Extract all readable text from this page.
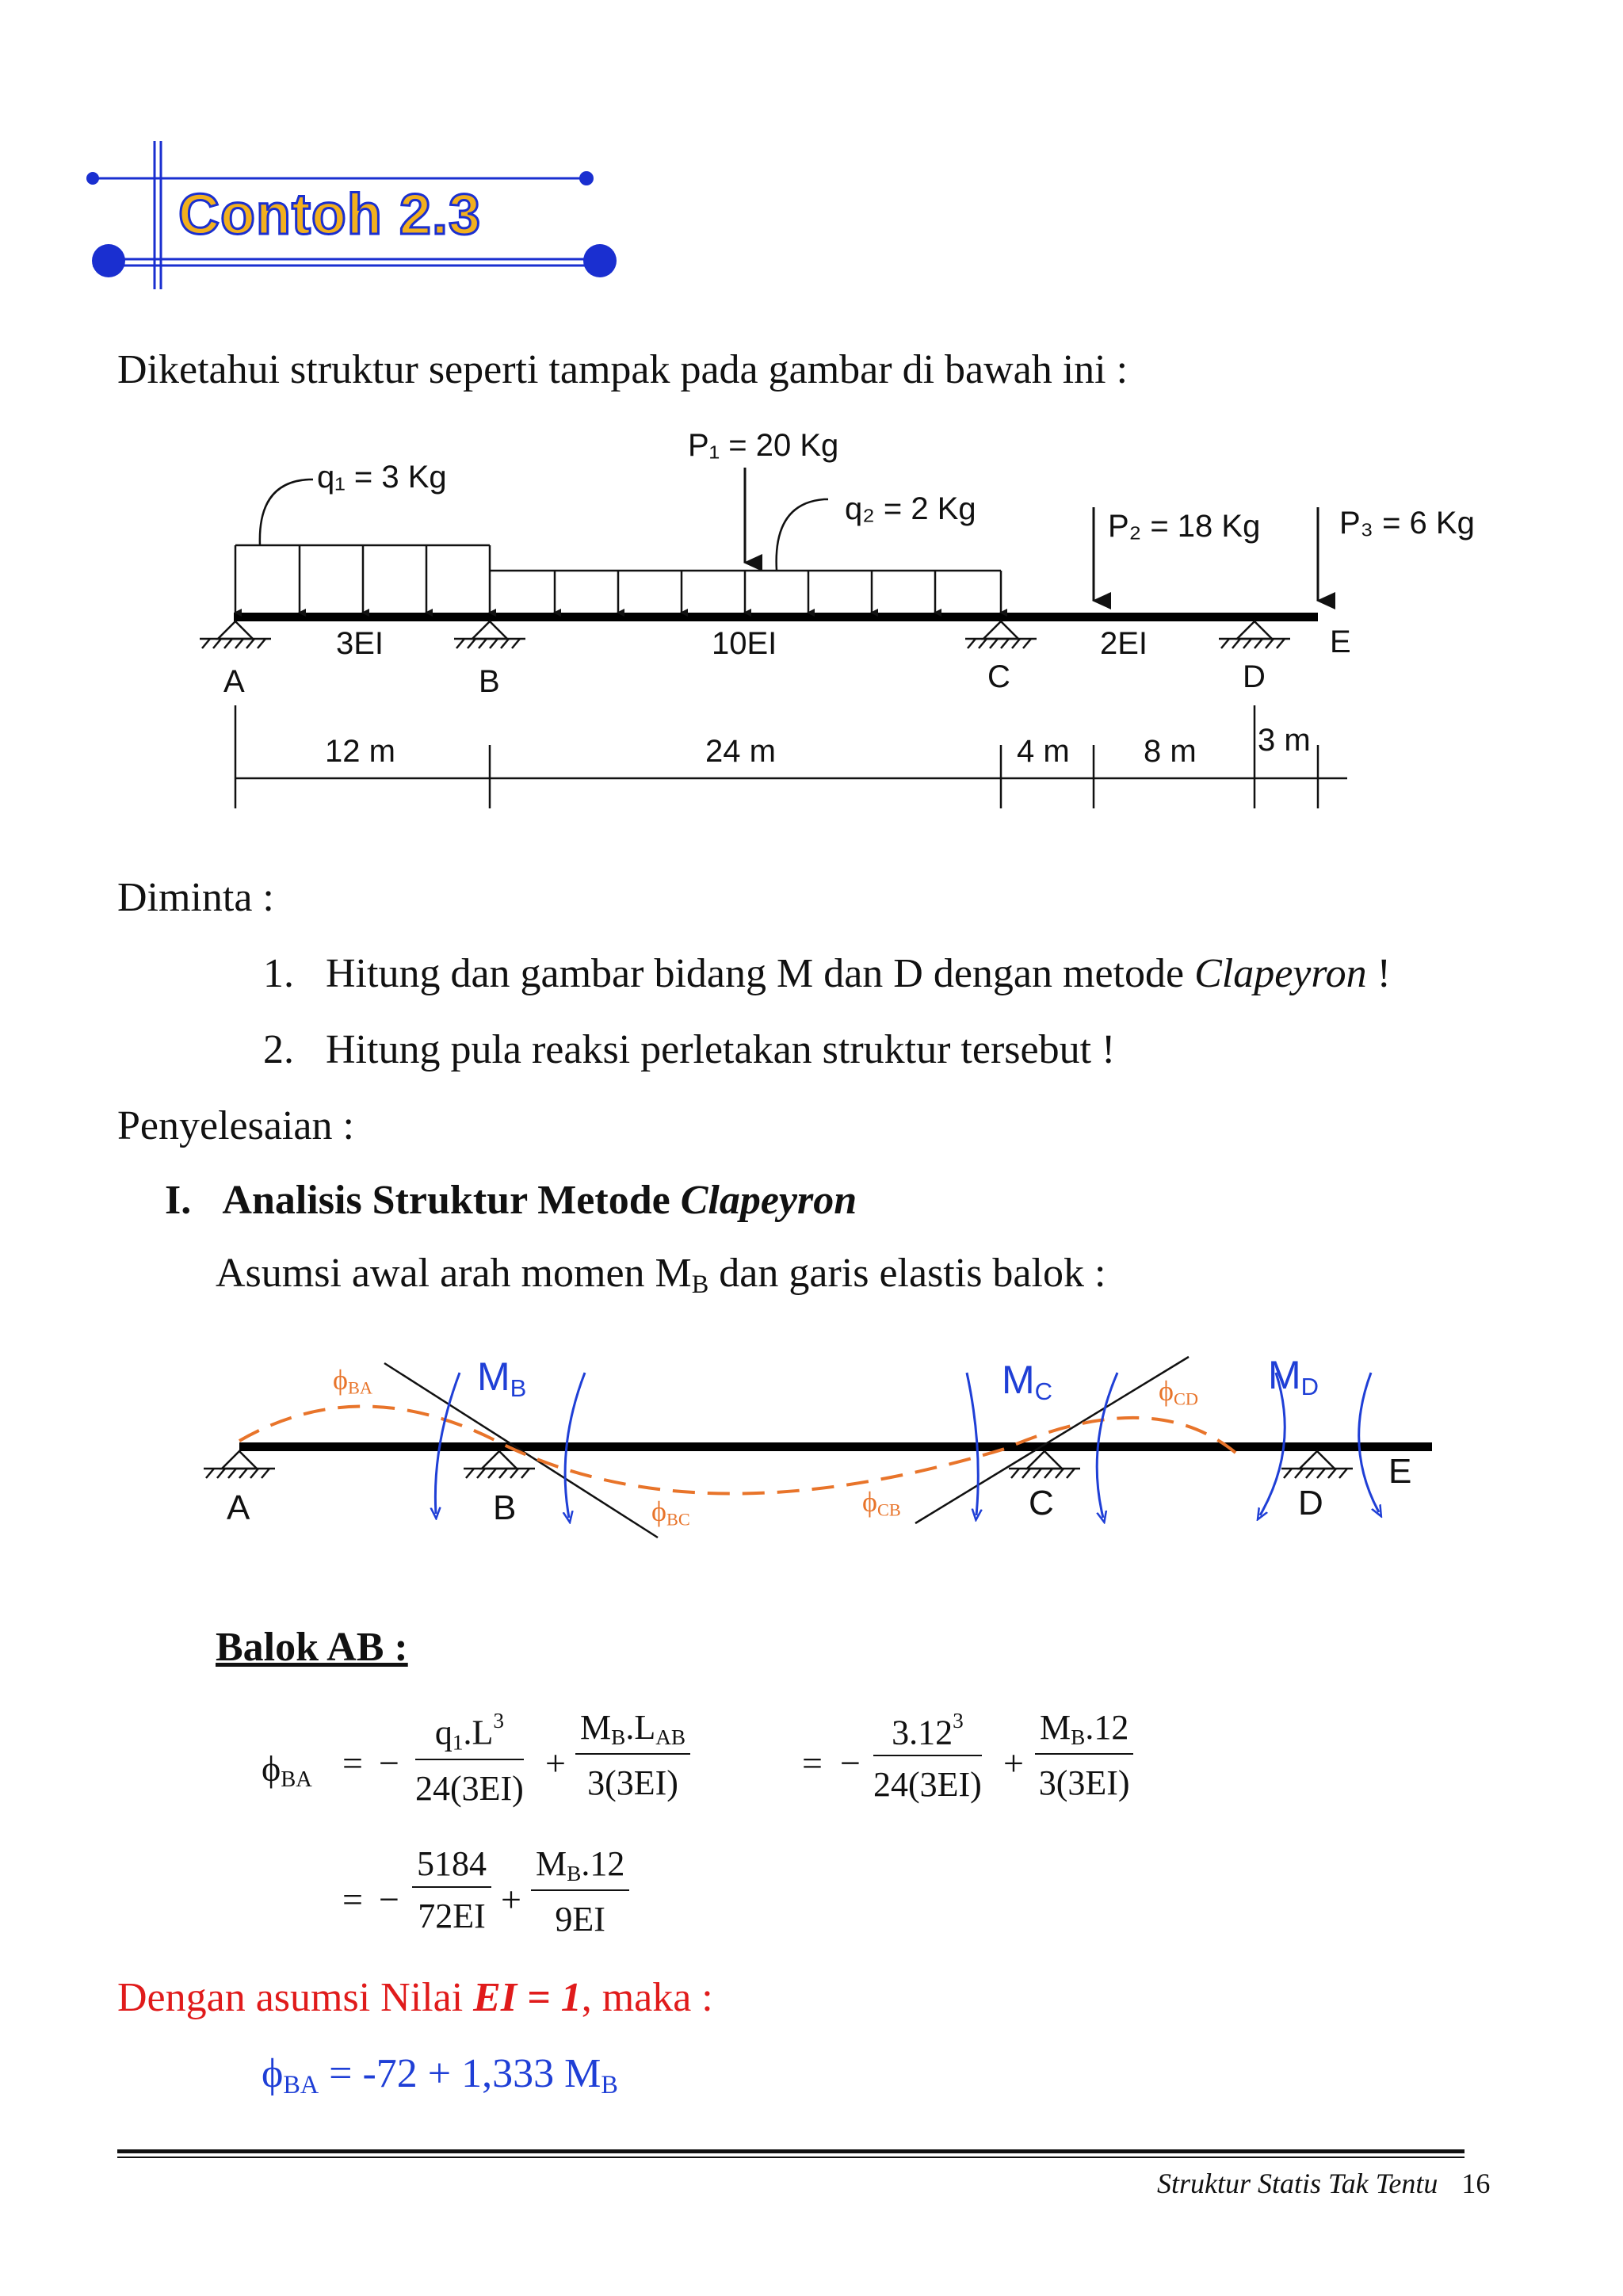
Contoh 2.3
Diketahui struktur seperti tampak pada gambar di bawah ini :
q₁ = 3 Kg
P₁ = 20 Kg
q₂ = 2 Kg	P₂ = 18 Kg P₃ = 6 Kg
3EI	10EI	2EI
A	B	C	D
E
12 m	24 m	4 m 8 m 3 m
Diminta :
1. Hitung dan gambar bidang M dan D dengan metode Clapeyron !
2. Hitung pula reaksi perletakan struktur tersebut !
Penyelesaian :
I. Analisis Struktur Metode Clapeyron
Asumsi awal arah momen $M_B$ dan garis elastis balok :
$M_B$	$M_C$	$M_D$
$\phi_{BA}$
$\phi_{BC}$
$\phi_{CB}$
$\phi_{CD}$
A	B	C	D
E
Balok AB :
$\phi_{BA}$ = − $\frac{q_1.L^3}{24(3EI)}$ +
$M_B.L_{AB}$
3(3EI)	= − $\frac{3.12^3}{24(3EI)} + \frac{M_B.12}{3(3EI)}$
= − $\frac{5184}{72EI} + \frac{M_B.12}{9EI}$
Dengan asumsi Nilai EI = 1, maka :
$\phi_{BA} = -72 + 1,333$ $M_B$
Struktur Statis Tak Tentu 16
